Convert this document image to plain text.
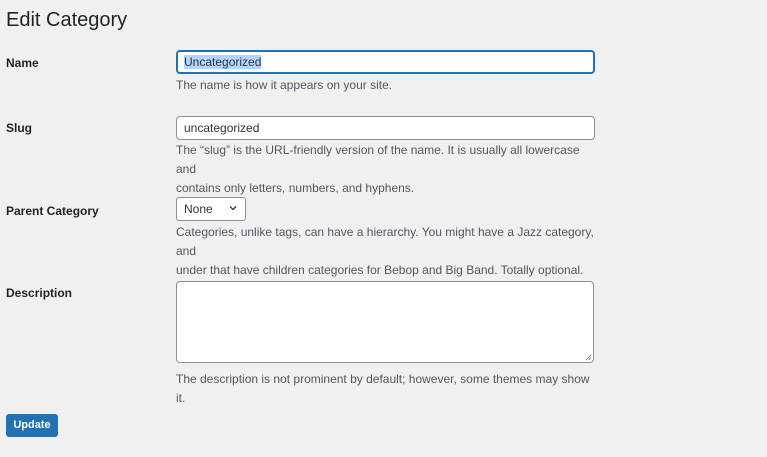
Edit Category
Name	Uncategorized

The name is how it appears on your site.

Slug	uncategorized
The “slug” is the URL-friendly version of the name. It is usually all lowercase and
contains only letters, numbers, and hyphens.
Parent Category	None
Categories, unlike tags, can have a hierarchy. You might have a Jazz category, and
under that have children categories for Bebop and Big Band. Totally optional.
Description

The description is not prominent by default; however, some themes may show it.

Update
